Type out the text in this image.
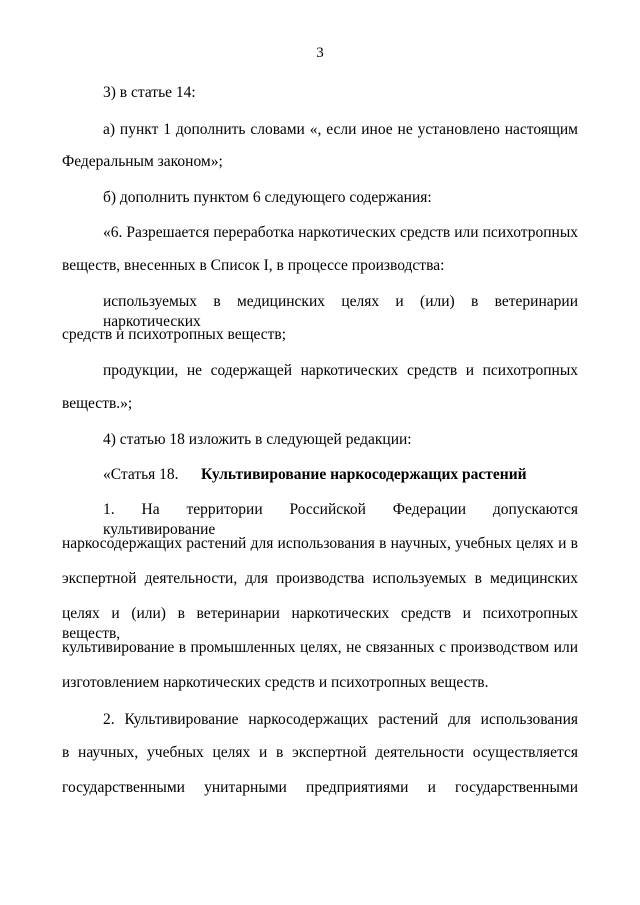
3
3) в статье 14:
а) пункт 1 дополнить словами «, если иное не установлено настоящим
Федеральным законом»;
б) дополнить пунктом 6 следующего содержания:
«6. Разрешается переработка наркотических средств или психотропных
веществ, внесенных в Список I, в процессе производства:
используемых в медицинских целях и (или) в ветеринарии наркотических
средств и психотропных веществ;
продукции, не содержащей наркотических средств и психотропных
веществ.»;
4) статью 18 изложить в следующей редакции:
«Статья 18. Культивирование наркосодержащих растений
1. На территории Российской Федерации допускаются культивирование
наркосодержащих растений для использования в научных, учебных целях и в
экспертной деятельности, для производства используемых в медицинских
целях и (или) в ветеринарии наркотических средств и психотропных веществ,
культивирование в промышленных целях, не связанных с производством или
изготовлением наркотических средств и психотропных веществ.
2. Культивирование наркосодержащих растений для использования
в научных, учебных целях и в экспертной деятельности осуществляется
государственными унитарными предприятиями и государственными
